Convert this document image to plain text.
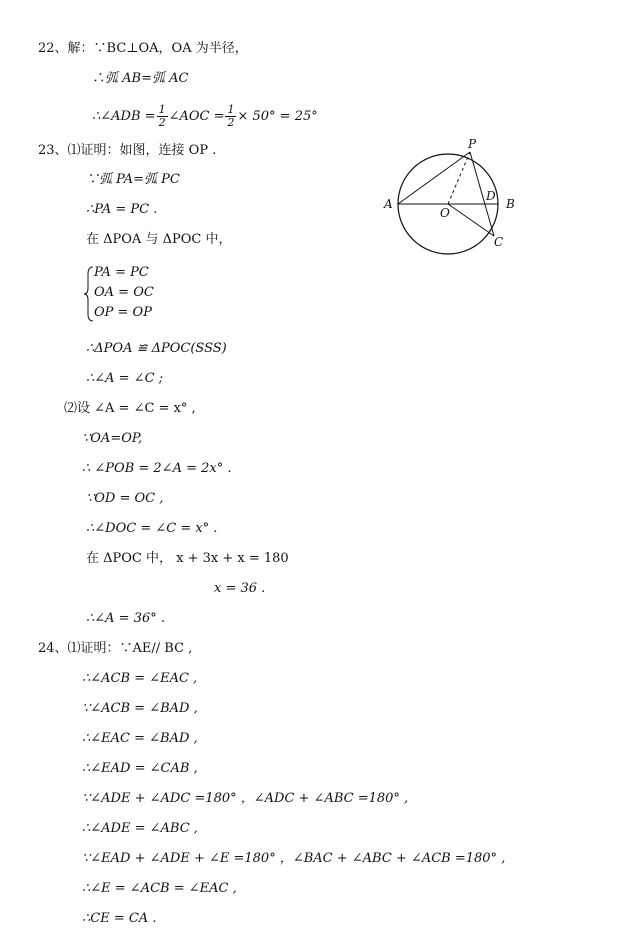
22、解：∵BC⊥OA，OA 为半径，
∴弧 AB=弧 AC
∴∠ADB = $\frac{1}{2}$ ∠AOC = $\frac{1}{2} \times 50^\circ = 25^\circ$
23、⑴证明：如图，连接 OP .
∵弧 PA=弧 PC
∴PA = PC .
在 ΔPOA 与 ΔPOC 中，
PA = PC
OA = OC
OP = OP
∴ΔPOA ≌ ΔPOC(SSS)
∴∠A = ∠C ;
⑵设 ∠A = ∠C = x° ,
∵OA=OP,
∴ ∠POB = 2∠A = 2x° .
∵OD = OC ,
∴∠DOC = ∠C = x° .
在 ΔPOC 中， x + 3x + x = 180
x = 36 .
∴∠A = 36° .
24、⑴证明：∵AE// BC ,
∴∠ACB = ∠EAC ,
∵∠ACB = ∠BAD ,
∴∠EAC = ∠BAD ,
∴∠EAD = ∠CAB ,
∵∠ADE + ∠ADC =180° ，∠ADC + ∠ABC =180° ,
∴∠ADE = ∠ABC ,
∵∠EAD + ∠ADE + ∠E =180° ，∠BAC + ∠ABC + ∠ACB =180° ,
∴∠E = ∠ACB = ∠EAC ,
∴CE = CA .
P
A
O
D
B
C
